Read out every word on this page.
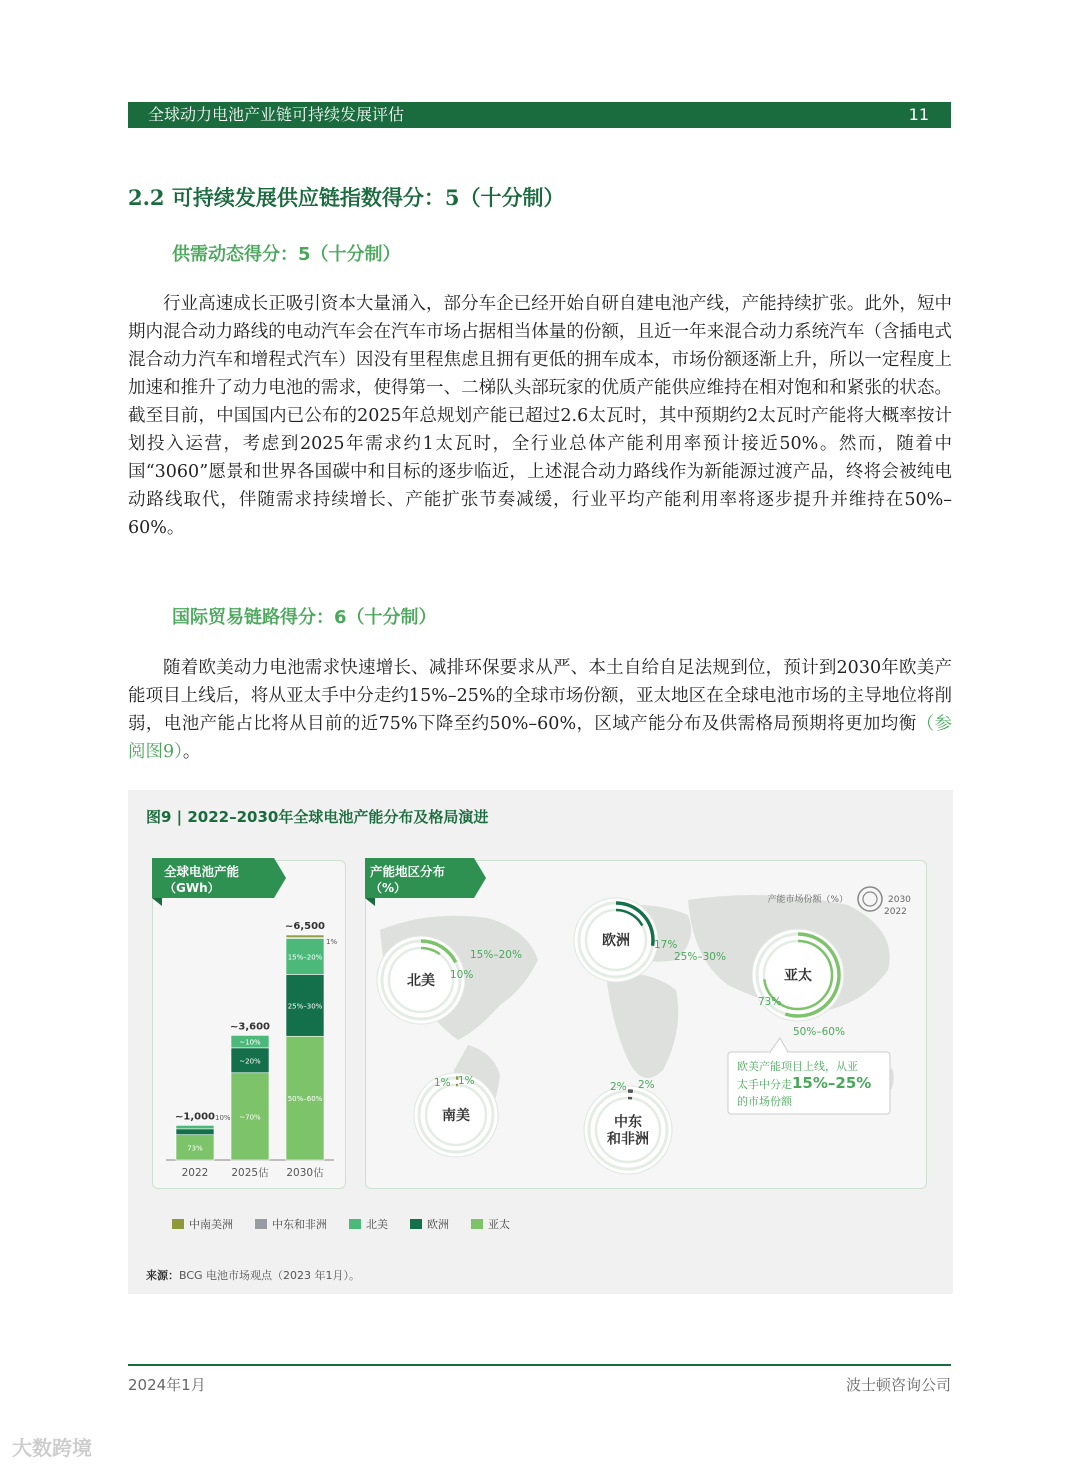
全球动力电池产业链可持续发展评估	11
2.2 可持续发展供应链指数得分：5（十分制）
供需动态得分：5（十分制）
行业高速成长正吸引资本大量涌入，部分车企已经开始自研自建电池产线，产能持续扩张。此外，短中期内混合动力路线的电动汽车会在汽车市场占据相当体量的份额，且近一年来混合动力系统汽车（含插电式混合动力汽车和增程式汽车）因没有里程焦虑且拥有更低的拥车成本，市场份额逐渐上升，所以一定程度上加速和推升了动力电池的需求，使得第一、二梯队头部玩家的优质产能供应维持在相对饱和和紧张的状态。截至目前，中国国内已公布的2025年总规划产能已超过2.6太瓦时，其中预期约2太瓦时产能将大概率按计划投入运营，考虑到2025年需求约1太瓦时，全行业总体产能利用率预计接近50%。然而，随着中国“3060”愿景和世界各国碳中和目标的逐步临近，上述混合动力路线作为新能源过渡产品，终将会被纯电动路线取代，伴随需求持续增长、产能扩张节奏减缓，行业平均产能利用率将逐步提升并维持在50%–60%。
国际贸易链路得分：6（十分制）
随着欧美动力电池需求快速增长、减排环保要求从严、本土自给自足法规到位，预计到2030年欧美产能项目上线后，将从亚太手中分走约15%–25%的全球市场份额，亚太地区在全球电池市场的主导地位将削弱，电池产能占比将从目前的近75%下降至约50%–60%，区域产能分布及供需格局预期将更加均衡（参阅图9）。
图9 | 2022–2030年全球电池产能分布及格局演进
全球电池产能
（GWh）
产能地区分布
（%）
73%
~1,000
2022
~70%
~20%
~10%
~3,600
2025估
50%–60%
25%–30%
15%–20%
~6,500
2030估
10%
1%
北美
15%–20%
10%
欧洲
25%–30%
17%
亚太
50%–60%
73%
南美
1%
1%
中东
和非洲
2%
2%
产能市场份额（%）	2030
2022
欧美产能项目上线，从亚
太手中分走15%–25%
的市场份额
中南美洲	中东和非洲	北美	欧洲	亚太
来源：BCG 电池市场观点（2023 年1月）。
2024年1月	波士顿咨询公司
大数跨境
